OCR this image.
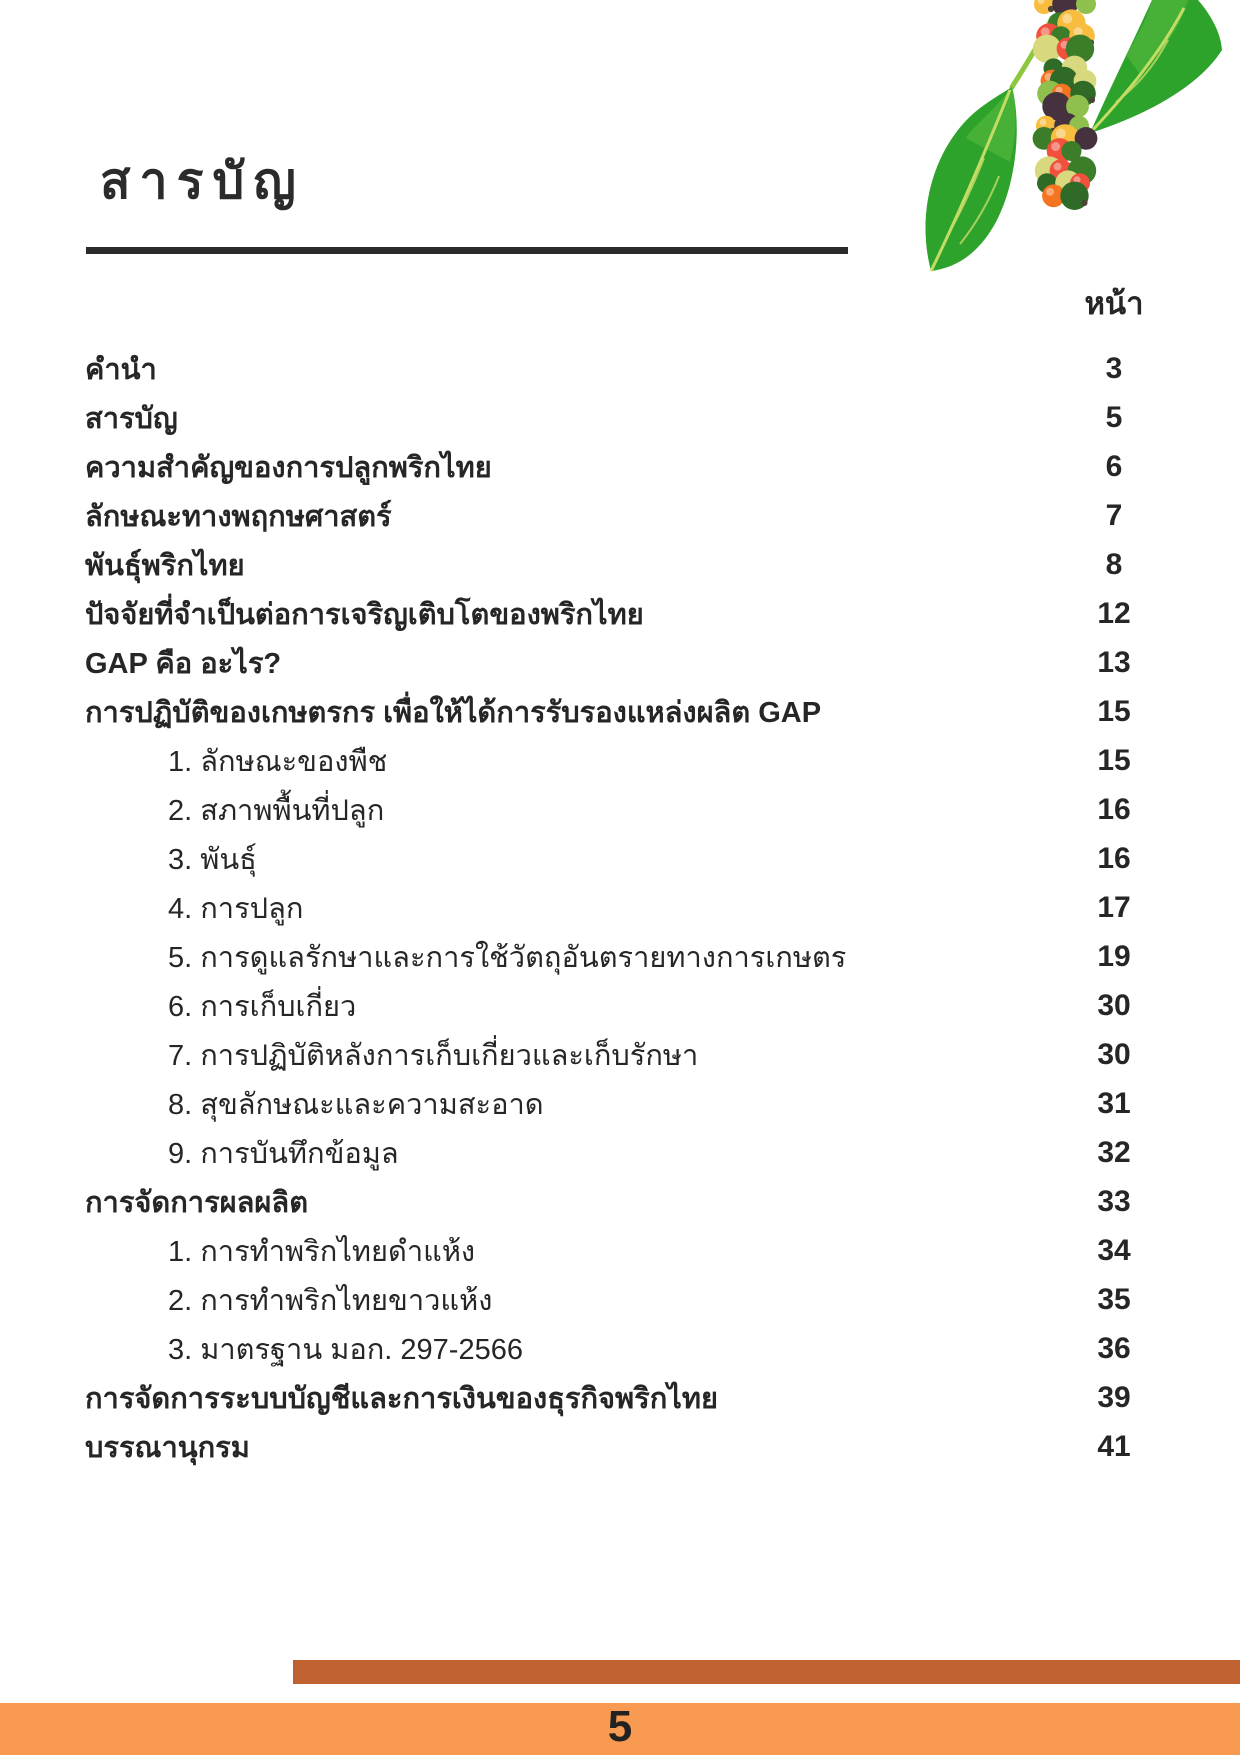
สารบัญ
หน้า
คำนำ	3
สารบัญ	5
ความสำคัญของการปลูกพริกไทย	6
ลักษณะทางพฤกษศาสตร์	7
พันธุ์พริกไทย	8
ปัจจัยที่จำเป็นต่อการเจริญเติบโตของพริกไทย	12
GAP คือ อะไร?	13
การปฏิบัติของเกษตรกร เพื่อให้ได้การรับรองแหล่งผลิต GAP	15
1. ลักษณะของพืช	15
2. สภาพพื้นที่ปลูก	16
3. พันธุ์	16
4. การปลูก	17
5. การดูแลรักษาและการใช้วัตถุอันตรายทางการเกษตร	19
6. การเก็บเกี่ยว	30
7. การปฏิบัติหลังการเก็บเกี่ยวและเก็บรักษา	30
8. สุขลักษณะและความสะอาด	31
9. การบันทึกข้อมูล	32
การจัดการผลผลิต	33
1. การทำพริกไทยดำแห้ง	34
2. การทำพริกไทยขาวแห้ง	35
3. มาตรฐาน มอก. 297-2566	36
การจัดการระบบบัญชีและการเงินของธุรกิจพริกไทย	39
บรรณานุกรม	41
5
